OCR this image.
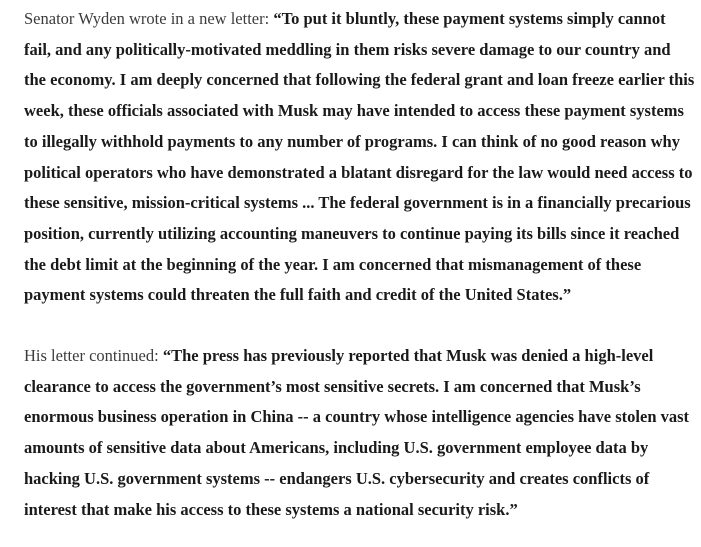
Senator Wyden wrote in a new letter: “To put it bluntly, these payment systems simply cannot fail, and any politically-motivated meddling in them risks severe damage to our country and the economy. I am deeply concerned that following the federal grant and loan freeze earlier this week, these officials associated with Musk may have intended to access these payment systems to illegally withhold payments to any number of programs. I can think of no good reason why political operators who have demonstrated a blatant disregard for the law would need access to these sensitive, mission-critical systems ... The federal government is in a financially precarious position, currently utilizing accounting maneuvers to continue paying its bills since it reached the debt limit at the beginning of the year. I am concerned that mismanagement of these payment systems could threaten the full faith and credit of the United States.”

His letter continued: “The press has previously reported that Musk was denied a high-level clearance to access the government’s most sensitive secrets. I am concerned that Musk’s enormous business operation in China -- a country whose intelligence agencies have stolen vast amounts of sensitive data about Americans, including U.S. government employee data by hacking U.S. government systems -- endangers U.S. cybersecurity and creates conflicts of interest that make his access to these systems a national security risk.”
